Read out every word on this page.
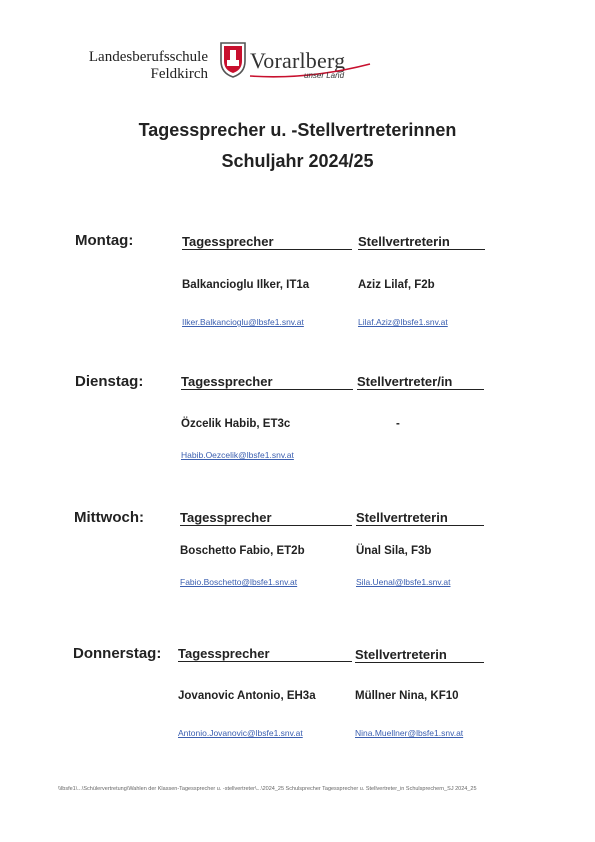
Landesberufsschule
Feldkirch
Vorarlberg
unser Land
Tagessprecher u. -Stellvertreterinnen
Schuljahr 2024/25
Montag:	Tagessprecher	Stellvertreterin
Balkancioglu Ilker, IT1a	Aziz Lilaf, F2b
Ilker.Balkancioglu@lbsfe1.snv.at	Lilaf.Aziz@lbsfe1.snv.at
Dienstag:	Tagessprecher	Stellvertreter/in
Özcelik Habib, ET3c	-
Habib.Oezcelik@lbsfe1.snv.at
Mittwoch:	Tagessprecher	Stellvertreterin
Boschetto Fabio, ET2b	Ünal Sila, F3b
Fabio.Boschetto@lbsfe1.snv.at	Sila.Uenal@lbsfe1.snv.at
Donnerstag: Tagessprecher	Stellvertreterin
Jovanovic Antonio, EH3a	Müllner Nina, KF10
Antonio.Jovanovic@lbsfe1.snv.at	Nina.Muellner@lbsfe1.snv.at
\\lbsfe1\...\Schülervertretung\Wahlen der Klassen-Tagessprecher u. -stellvertreter\...\2024_25 Schulsprecher Tagessprecher u. Stellvertreter_in Schulsprechern_SJ 2024_25
